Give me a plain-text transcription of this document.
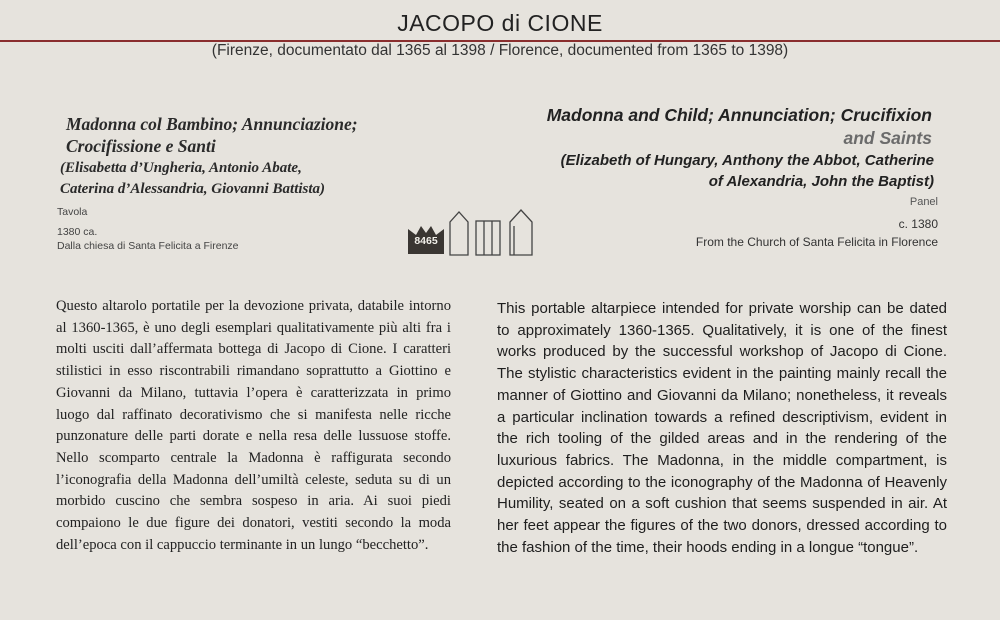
JACOPO di CIONE
(Firenze, documentato dal 1365 al 1398 / Florence, documented from 1365 to 1398)
Madonna col Bambino; Annunciazione; Crocifissione e Santi
(Elisabetta d’Ungheria, Antonio Abate,
Caterina d’Alessandria, Giovanni Battista)
Tavola
1380 ca.
Dalla chiesa di Santa Felicita a Firenze
Madonna and Child; Annunciation; Crucifixion
and Saints
(Elizabeth of Hungary, Anthony the Abbot, Catherine
of Alexandria, John the Baptist)
Panel
c. 1380
From the Church of Santa Felicita in Florence
8465

Questo altarolo portatile per la devozione privata, databile intorno al 1360-1365, è uno degli esemplari qualitativamente più alti fra i molti usciti dall’affermata bottega di Jacopo di Cione. I caratteri stilistici in esso riscontrabili rimandano soprattutto a Giottino e Giovanni da Milano, tuttavia l’opera è caratterizzata in primo luogo dal raffinato decorativismo che si manifesta nelle ricche punzonature delle parti dorate e nella resa delle lussuose stoffe. Nello scomparto centrale la Madonna è raffigurata secondo l’iconografia della Madonna dell’umiltà celeste, seduta su di un morbido cuscino che sembra sospeso in aria. Ai suoi piedi compaiono le due figure dei donatori, vestiti secondo la moda dell’epoca con il cappuccio terminante in un lungo “becchetto”.

This portable altarpiece intended for private worship can be dated to approximately 1360-1365. Qualitatively, it is one of the finest works produced by the successful workshop of Jacopo di Cione. The stylistic characteristics evident in the painting mainly recall the manner of Giottino and Giovanni da Milano; nonetheless, it reveals a particular inclination towards a refined descriptivism, evident in the rich tooling of the gilded areas and in the rendering of the luxurious fabrics. The Madonna, in the middle compartment, is depicted according to the iconography of the Madonna of Heavenly Humility, seated on a soft cushion that seems suspended in air. At her feet appear the figures of the two donors, dressed according to the fashion of the time, their hoods ending in a longue “tongue”.
